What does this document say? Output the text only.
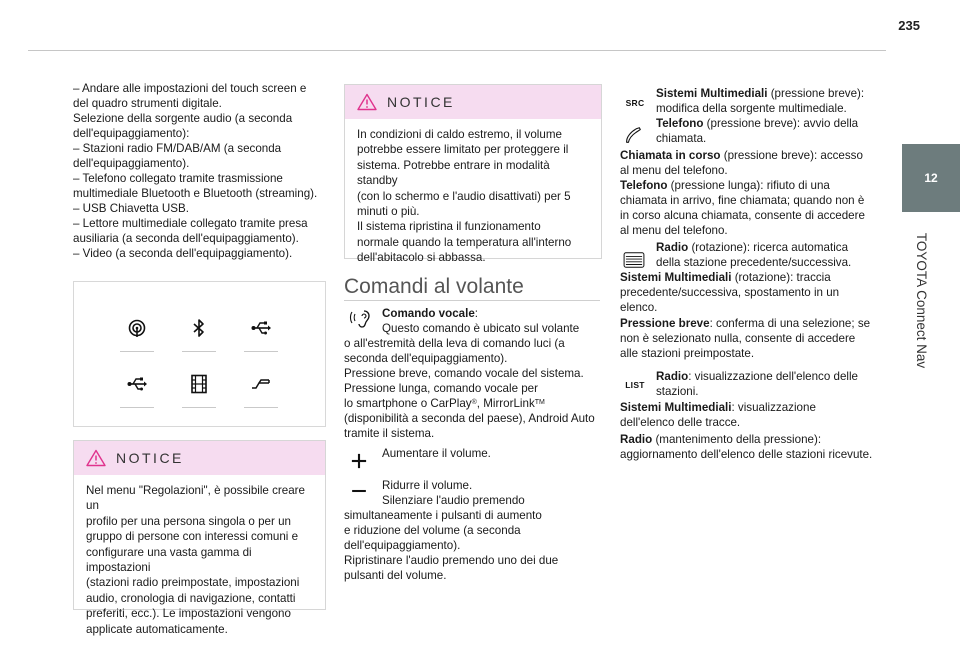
235
12
TOYOTA Connect Nav

– Andare alle impostazioni del touch screen e

del quadro strumenti digitale.

Selezione della sorgente audio (a seconda

dell'equipaggiamento):

– Stazioni radio FM/DAB/AM (a seconda

dell'equipaggiamento).

– Telefono collegato tramite trasmissione

multimediale Bluetooth e Bluetooth (streaming).

– USB Chiavetta USB.

– Lettore multimediale collegato tramite presa

ausiliaria (a seconda dell'equipaggiamento).

– Video (a seconda dell'equipaggiamento).

NOTICE

Nel menu "Regolazioni", è possibile creare un

profilo per una persona singola o per un

gruppo di persone con interessi comuni e

configurare una vasta gamma di impostazioni

(stazioni radio preimpostate, impostazioni

audio, cronologia di navigazione, contatti

preferiti, ecc.). Le impostazioni vengono

applicate automaticamente.

NOTICE

In condizioni di caldo estremo, il volume

potrebbe essere limitato per proteggere il

sistema. Potrebbe entrare in modalità standby

(con lo schermo e l'audio disattivati) per 5

minuti o più.

Il sistema ripristina il funzionamento

normale quando la temperatura all'interno

dell'abitacolo si abbassa.

Comandi al volante

Comando vocale:

Questo comando è ubicato sul volante

o all'estremità della leva di comando luci (a

seconda dell'equipaggiamento).

Pressione breve, comando vocale del sistema.

Pressione lunga, comando vocale per

lo smartphone o CarPlay®, MirrorLink™

(disponibilità a seconda del paese), Android Auto

tramite il sistema.

Aumentare il volume.

Ridurre il volume.

Silenziare l'audio premendo

simultaneamente i pulsanti di aumento

e riduzione del volume (a seconda

dell'equipaggiamento).

Ripristinare l'audio premendo uno dei due

pulsanti del volume.

SRC

Sistemi Multimediali (pressione breve):

modifica della sorgente multimediale.

Telefono (pressione breve): avvio della

chiamata.

Chiamata in corso (pressione breve): accesso

al menu del telefono.

Telefono (pressione lunga): rifiuto di una

chiamata in arrivo, fine chiamata; quando non è

in corso alcuna chiamata, consente di accedere

al menu del telefono.

Radio (rotazione): ricerca automatica

della stazione precedente/successiva.

Sistemi Multimediali (rotazione): traccia

precedente/successiva, spostamento in un

elenco.

Pressione breve: conferma di una selezione; se

non è selezionato nulla, consente di accedere

alle stazioni preimpostate.

LIST

Radio: visualizzazione dell'elenco delle

stazioni.

Sistemi Multimediali: visualizzazione

dell'elenco delle tracce.

Radio (mantenimento della pressione):

aggiornamento dell'elenco delle stazioni ricevute.
